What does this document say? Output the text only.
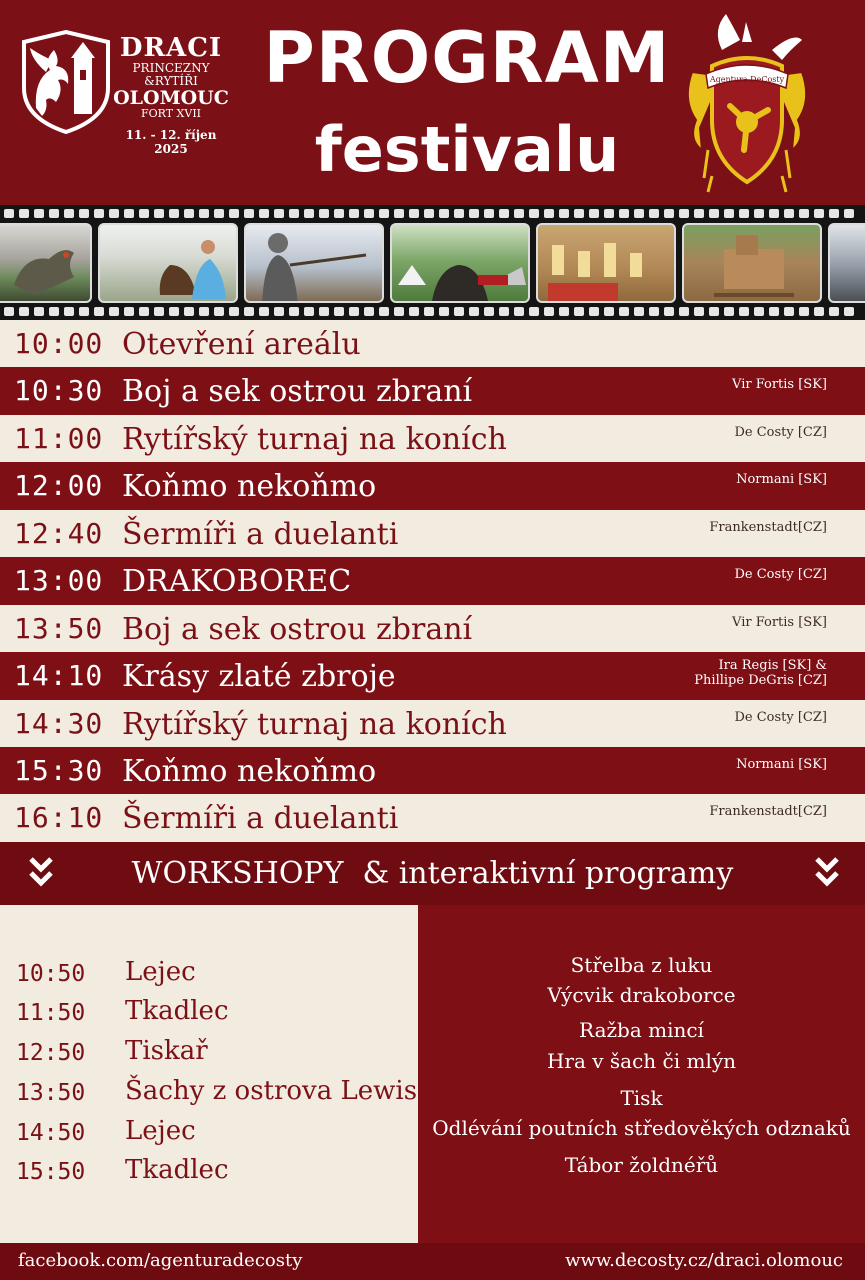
DRACI
PRINCEZNY
&RYTÍŘI
OLOMOUC
FORT XVII
11. - 12. říjen
2025
PROGRAM
festivalu
Agentura DeCosty
10:00 Otevření areálu
10:30 Boj a sek ostrou zbraní	Vir Fortis [SK]
11:00 Rytířský turnaj na koních	De Costy [CZ]
12:00 Koňmo nekoňmo	Normani [SK]
12:40 Šermíři a duelanti	Frankenstadt[CZ]
13:00 DRAKOBOREC	De Costy [CZ]
13:50 Boj a sek ostrou zbraní	Vir Fortis [SK]
14:10 Krásy zlaté zbroje	Ira Regis [SK] &
Phillipe DeGris [CZ]
14:30 Rytířský turnaj na koních	De Costy [CZ]
15:30 Koňmo nekoňmo	Normani [SK]
16:10 Šermíři a duelanti	Frankenstadt[CZ]
WORKSHOPY  & interaktivní programy
10:50 Lejec
11:50 Tkadlec
12:50 Tiskař
13:50 Šachy z ostrova Lewis
14:50 Lejec
15:50 Tkadlec
Střelba z luku
Výcvik drakoborce
Ražba mincí
Hra v šach či mlýn
Tisk
Odlévání poutních středověkých odznaků
Tábor žoldnéřů
facebook.com/agenturadecosty	www.decosty.cz/draci.olomouc
